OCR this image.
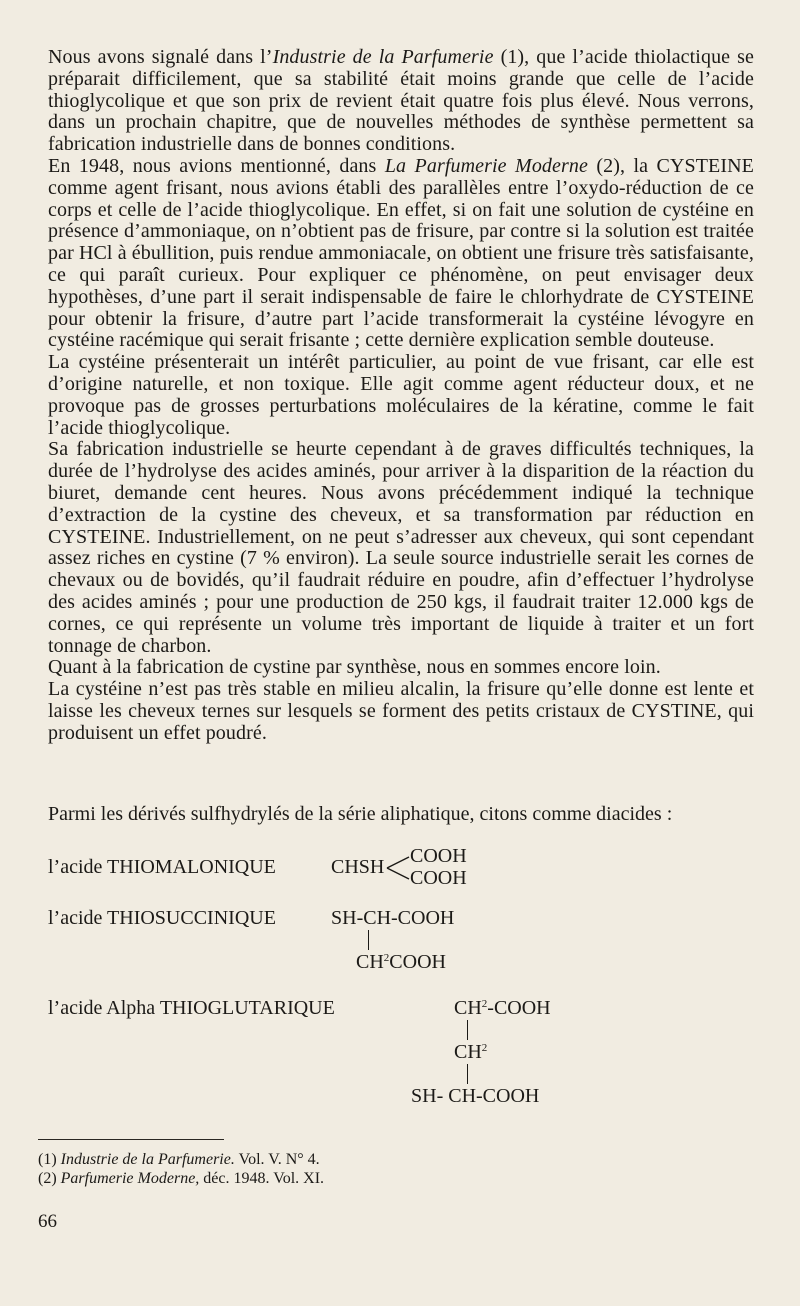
Nous avons signalé dans l’Industrie de la Parfumerie (1), que l’acide thiolactique se préparait difficilement, que sa stabilité était moins grande que celle de l’acide thioglycolique et que son prix de revient était quatre fois plus élevé. Nous verrons, dans un prochain chapitre, que de nouvelles méthodes de synthèse permettent sa fabrication industrielle dans de bonnes conditions.

En 1948, nous avions mentionné, dans La Parfumerie Moderne (2), la CYSTEINE comme agent frisant, nous avions établi des parallèles entre l’oxydo-réduction de ce corps et celle de l’acide thioglycolique. En effet, si on fait une solution de cystéine en présence d’ammoniaque, on n’obtient pas de frisure, par contre si la solution est traitée par HCl à ébullition, puis rendue ammoniacale, on obtient une frisure très satisfaisante, ce qui paraît curieux. Pour expliquer ce phénomène, on peut envisager deux hypothèses, d’une part il serait indispensable de faire le chlorhydrate de CYSTEINE pour obtenir la frisure, d’autre part l’acide transformerait la cystéine lévogyre en cystéine racémique qui serait frisante ; cette dernière explication semble douteuse.

La cystéine présenterait un intérêt particulier, au point de vue frisant, car elle est d’origine naturelle, et non toxique. Elle agit comme agent réducteur doux, et ne provoque pas de grosses perturbations moléculaires de la kératine, comme le fait l’acide thioglycolique.

Sa fabrication industrielle se heurte cependant à de graves difficultés techniques, la durée de l’hydrolyse des acides aminés, pour arriver à la disparition de la réaction du biuret, demande cent heures. Nous avons précédemment indiqué la technique d’extraction de la cystine des cheveux, et sa transformation par réduction en CYSTEINE. Industriellement, on ne peut s’adresser aux cheveux, qui sont cependant assez riches en cystine (7 % environ). La seule source industrielle serait les cornes de chevaux ou de bovidés, qu’il faudrait réduire en poudre, afin d’effectuer l’hydrolyse des acides aminés ; pour une production de 250 kgs, il faudrait traiter 12.000 kgs de cornes, ce qui représente un volume très important de liquide à traiter et un fort tonnage de charbon.

Quant à la fabrication de cystine par synthèse, nous en sommes encore loin.

La cystéine n’est pas très stable en milieu alcalin, la frisure qu’elle donne est lente et laisse les cheveux ternes sur lesquels se forment des petits cristaux de CYSTINE, qui produisent un effet poudré.

Parmi les dérivés sulfhydrylés de la série aliphatique, citons comme diacides :
l’acide THIOMALONIQUE	CHSH COOH
COOH
l’acide THIOSUCCINIQUE	SH-CH-COOH
$CH^2COOH$
l’acide Alpha THIOGLUTARIQUE	$CH^2$-COOH
$CH^2$
SH- CH-COOH
(1) Industrie de la Parfumerie. Vol. V. N° 4.
(2) Parfumerie Moderne, déc. 1948. Vol. XI.
66
